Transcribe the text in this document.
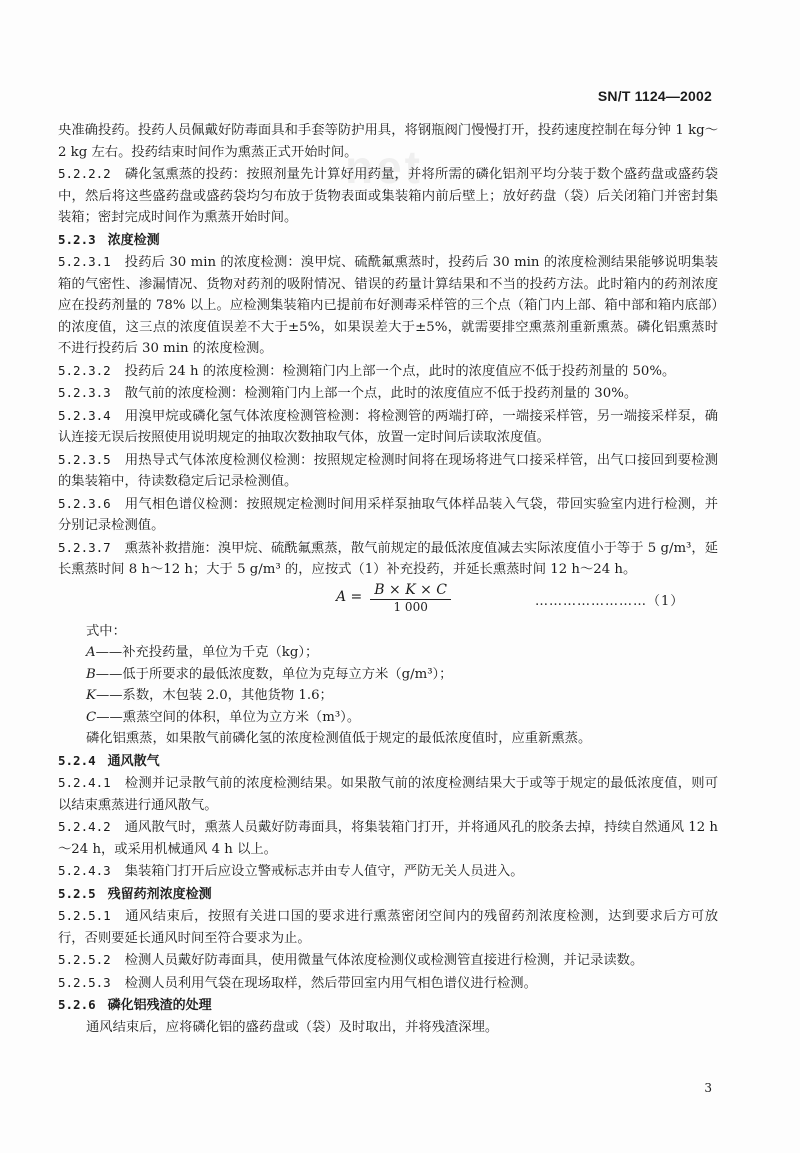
net
SN/T 1124—2002

央准确投药。投药人员佩戴好防毒面具和手套等防护用具，将钢瓶阀门慢慢打开，投药速度控制在每分钟 1 kg～2 kg 左右。投药结束时间作为熏蒸正式开始时间。

5.2.2.2 磷化氢熏蒸的投药：按照剂量先计算好用药量，并将所需的磷化铝剂平均分装于数个盛药盘或盛药袋中，然后将这些盛药盘或盛药袋均匀布放于货物表面或集装箱内前后壁上；放好药盘（袋）后关闭箱门并密封集装箱；密封完成时间作为熏蒸开始时间。

5.2.3 浓度检测

5.2.3.1 投药后 30 min 的浓度检测：溴甲烷、硫酰氟熏蒸时，投药后 30 min 的浓度检测结果能够说明集装箱的气密性、渗漏情况、货物对药剂的吸附情况、错误的药量计算结果和不当的投药方法。此时箱内的药剂浓度应在投药剂量的 78% 以上。应检测集装箱内已提前布好测毒采样管的三个点（箱门内上部、箱中部和箱内底部）的浓度值，这三点的浓度值误差不大于±5%，如果误差大于±5%，就需要排空熏蒸剂重新熏蒸。磷化铝熏蒸时不进行投药后 30 min 的浓度检测。

5.2.3.2 投药后 24 h 的浓度检测：检测箱门内上部一个点，此时的浓度值应不低于投药剂量的 50%。

5.2.3.3 散气前的浓度检测：检测箱门内上部一个点，此时的浓度值应不低于投药剂量的 30%。

5.2.3.4 用溴甲烷或磷化氢气体浓度检测管检测：将检测管的两端打碎，一端接采样管，另一端接采样泵，确认连接无误后按照使用说明规定的抽取次数抽取气体，放置一定时间后读取浓度值。

5.2.3.5 用热导式气体浓度检测仪检测：按照规定检测时间将在现场将进气口接采样管，出气口接回到要检测的集装箱中，待读数稳定后记录检测值。

5.2.3.6 用气相色谱仪检测：按照规定检测时间用采样泵抽取气体样品装入气袋，带回实验室内进行检测，并分别记录检测值。

5.2.3.7 熏蒸补救措施：溴甲烷、硫酰氟熏蒸，散气前规定的最低浓度值减去实际浓度值小于等于 5 g/m³，延长熏蒸时间 8 h～12 h；大于 5 g/m³ 的，应按式（1）补充投药，并延长熏蒸时间 12 h～24 h。

$A = \frac{B \times K \times C}{1 000}$	……………………（1）

式中：

A——补充投药量，单位为千克（kg）；

B——低于所要求的最低浓度数，单位为克每立方米（g/m³）；

K——系数，木包装 2.0，其他货物 1.6；

C——熏蒸空间的体积，单位为立方米（m³）。

磷化铝熏蒸，如果散气前磷化氢的浓度检测值低于规定的最低浓度值时，应重新熏蒸。

5.2.4 通风散气

5.2.4.1 检测并记录散气前的浓度检测结果。如果散气前的浓度检测结果大于或等于规定的最低浓度值，则可以结束熏蒸进行通风散气。

5.2.4.2 通风散气时，熏蒸人员戴好防毒面具，将集装箱门打开，并将通风孔的胶条去掉，持续自然通风 12 h～24 h，或采用机械通风 4 h 以上。

5.2.4.3 集装箱门打开后应设立警戒标志并由专人值守，严防无关人员进入。

5.2.5 残留药剂浓度检测

5.2.5.1 通风结束后，按照有关进口国的要求进行熏蒸密闭空间内的残留药剂浓度检测，达到要求后方可放行，否则要延长通风时间至符合要求为止。

5.2.5.2 检测人员戴好防毒面具，使用微量气体浓度检测仪或检测管直接进行检测，并记录读数。

5.2.5.3 检测人员利用气袋在现场取样，然后带回室内用气相色谱仪进行检测。

5.2.6 磷化铝残渣的处理

通风结束后，应将磷化铝的盛药盘或（袋）及时取出，并将残渣深埋。

3
